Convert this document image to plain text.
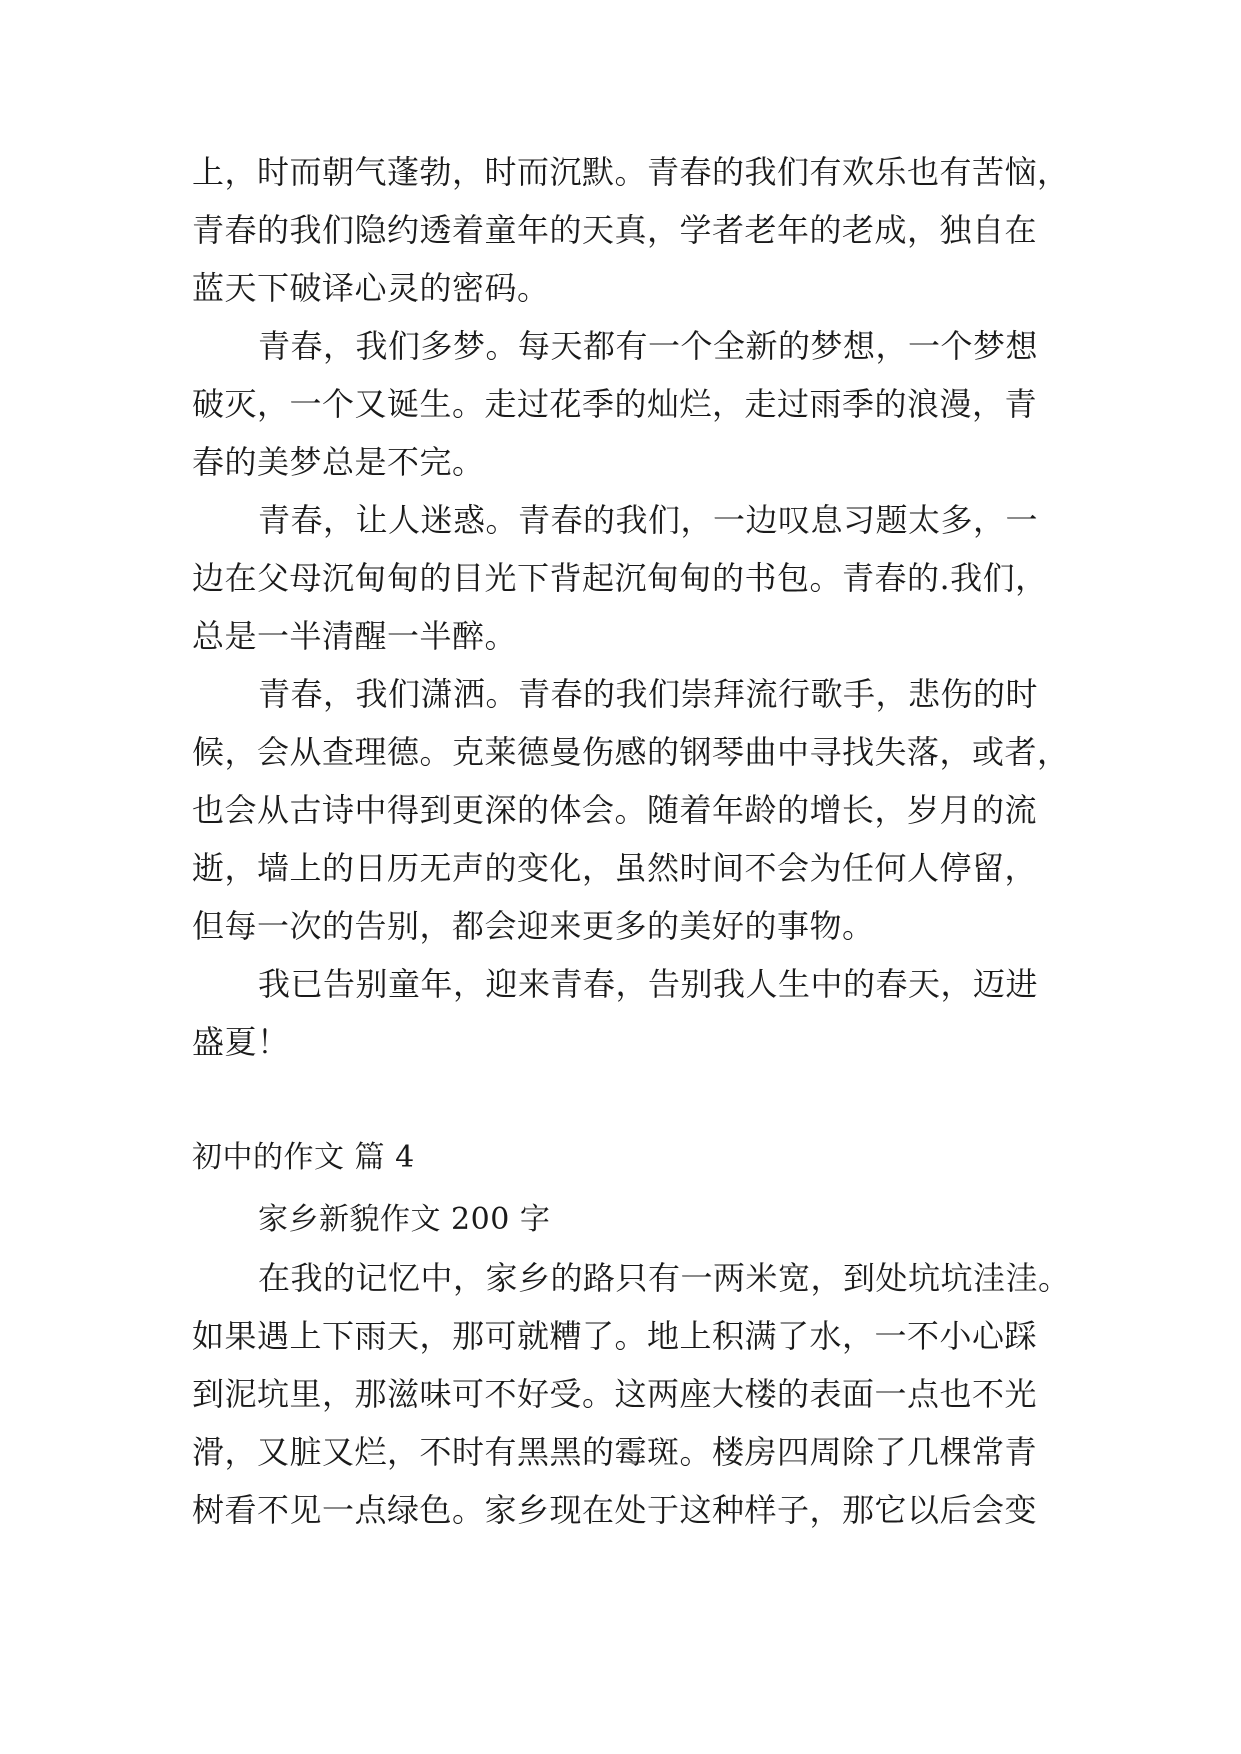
上，时而朝气蓬勃，时而沉默。青春的我们有欢乐也有苦恼，
青春的我们隐约透着童年的天真，学者老年的老成，独自在
蓝天下破译心灵的密码。
青春，我们多梦。每天都有一个全新的梦想，一个梦想
破灭，一个又诞生。走过花季的灿烂，走过雨季的浪漫，青
春的美梦总是不完。
青春，让人迷惑。青春的我们，一边叹息习题太多，一
边在父母沉甸甸的目光下背起沉甸甸的书包。青春的.我们，
总是一半清醒一半醉。
青春，我们潇洒。青春的我们崇拜流行歌手，悲伤的时
候，会从查理德。克莱德曼伤感的钢琴曲中寻找失落，或者，
也会从古诗中得到更深的体会。随着年龄的增长，岁月的流
逝，墙上的日历无声的变化，虽然时间不会为任何人停留，
但每一次的告别，都会迎来更多的美好的事物。
我已告别童年，迎来青春，告别我人生中的春天，迈进
盛夏！
初中的作文 篇 4
家乡新貌作文 200 字
在我的记忆中，家乡的路只有一两米宽，到处坑坑洼洼。
如果遇上下雨天，那可就糟了。地上积满了水，一不小心踩
到泥坑里，那滋味可不好受。这两座大楼的表面一点也不光
滑，又脏又烂，不时有黑黑的霉斑。楼房四周除了几棵常青
树看不见一点绿色。家乡现在处于这种样子，那它以后会变
